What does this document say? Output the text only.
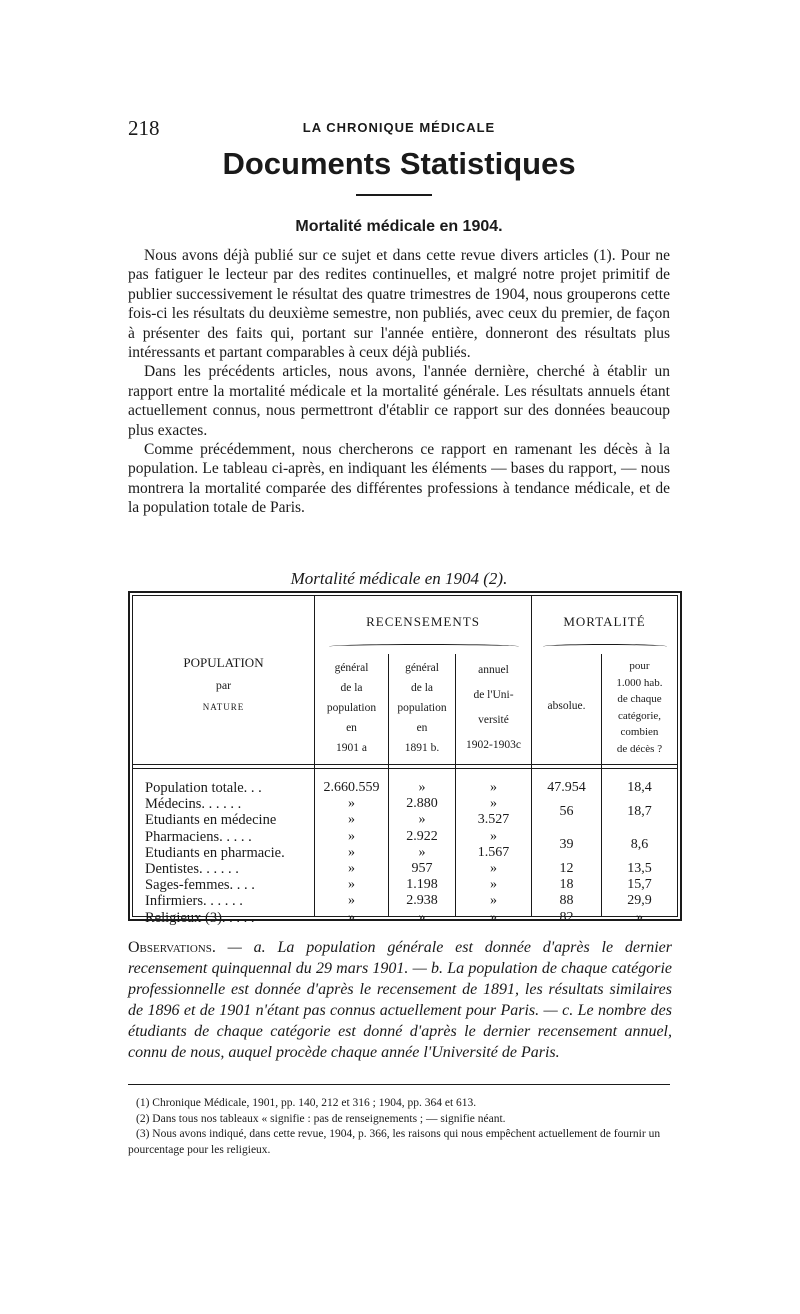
218	LA CHRONIQUE MÉDICALE
Documents Statistiques
Mortalité médicale en 1904.

Nous avons déjà publié sur ce sujet et dans cette revue divers articles (1). Pour ne pas fatiguer le lecteur par des redites continuelles, et malgré notre projet primitif de publier successivement le résultat des quatre trimestres de 1904, nous grouperons cette fois-ci les résultats du deuxième semestre, non publiés, avec ceux du premier, de façon à présenter des faits qui, portant sur l'année entière, donneront des résultats plus intéressants et partant comparables à ceux déjà publiés.

Dans les précédents articles, nous avons, l'année dernière, cherché à établir un rapport entre la mortalité médicale et la mortalité générale. Les résultats annuels étant actuellement connus, nous permettront d'établir ce rapport sur des données beaucoup plus exactes.

Comme précédemment, nous chercherons ce rapport en ramenant les décès à la population. Le tableau ci-après, en indiquant les éléments — bases du rapport, — nous montrera la mortalité comparée des différentes professions à tendance médicale, et de la population totale de Paris.

Mortalité médicale en 1904 (2).
RECENSEMENTS	MORTALITÉ
POPULATION
par
NATURE
général
de la
population
en
1901 a
général
de la
population
en
1891 b.
annuel
de l'Uni-
versité
1902-1903c
absolue.
pour
1.000 hab.
de chaque
catégorie,
combien
de décès ?
Population totale. . .
Médecins. . . . . .
Etudiants en médecine
Pharmaciens. . . . .
Etudiants en pharmacie.
Dentistes. . . . . .
Sages-femmes. . . .
Infirmiers. . . . . .
Religieux (3). . . . .
2.660.559
»
»
»
»
»
»
»
»
»
2.880
»
2.922
»
957
1.198
2.938
»
»
»
3.527
»
1.567
»
»
»
»
47.954
56
39
12
18
88
82
18,4
18,7
8,6
13,5
15,7
29,9
»
Observations. — a. La population générale est donnée d'après le dernier recensement quinquennal du 29 mars 1901. — b. La population de chaque catégorie professionnelle est donnée d'après le recensement de 1891, les résultats similaires de 1896 et de 1901 n'étant pas connus actuellement pour Paris. — c. Le nombre des étudiants de chaque catégorie est donné d'après le dernier recensement annuel, connu de nous, auquel procède chaque année l'Université de Paris.
(1) Chronique Médicale, 1901, pp. 140, 212 et 316 ; 1904, pp. 364 et 613.
(2) Dans tous nos tableaux « signifie : pas de renseignements ; — signifie néant.
(3) Nous avons indiqué, dans cette revue, 1904, p. 366, les raisons qui nous empêchent actuellement de fournir un pourcentage pour les religieux.
